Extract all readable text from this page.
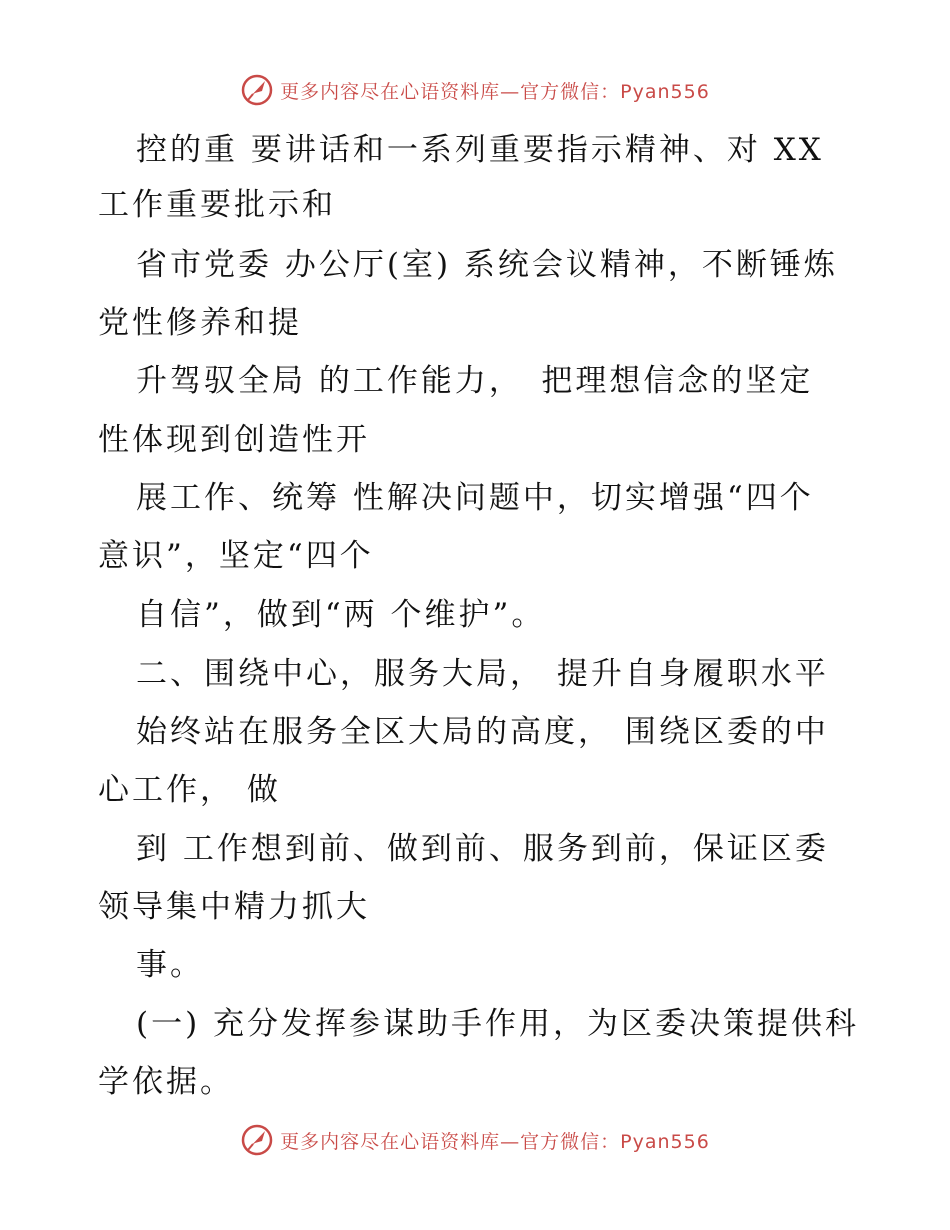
更多内容尽在心语资料库—官方微信：Pyan556
控的重 要讲话和一系列重要指示精神、对 XX
工作重要批示和
省市党委 办公厅(室) 系统会议精神，不断锤炼
党性修养和提
升驾驭全局 的工作能力，　把理想信念的坚定
性体现到创造性开
展工作、统筹 性解决问题中，切实增强“四个
意识”，坚定“四个
自信”，做到“两 个维护”。
二、围绕中心，服务大局， 提升自身履职水平
始终站在服务全区大局的高度， 围绕区委的中
心工作， 做
到 工作想到前、做到前、服务到前，保证区委
领导集中精力抓大
事。
(一) 充分发挥参谋助手作用，为区委决策提供科
学依据。
更多内容尽在心语资料库—官方微信：Pyan556
